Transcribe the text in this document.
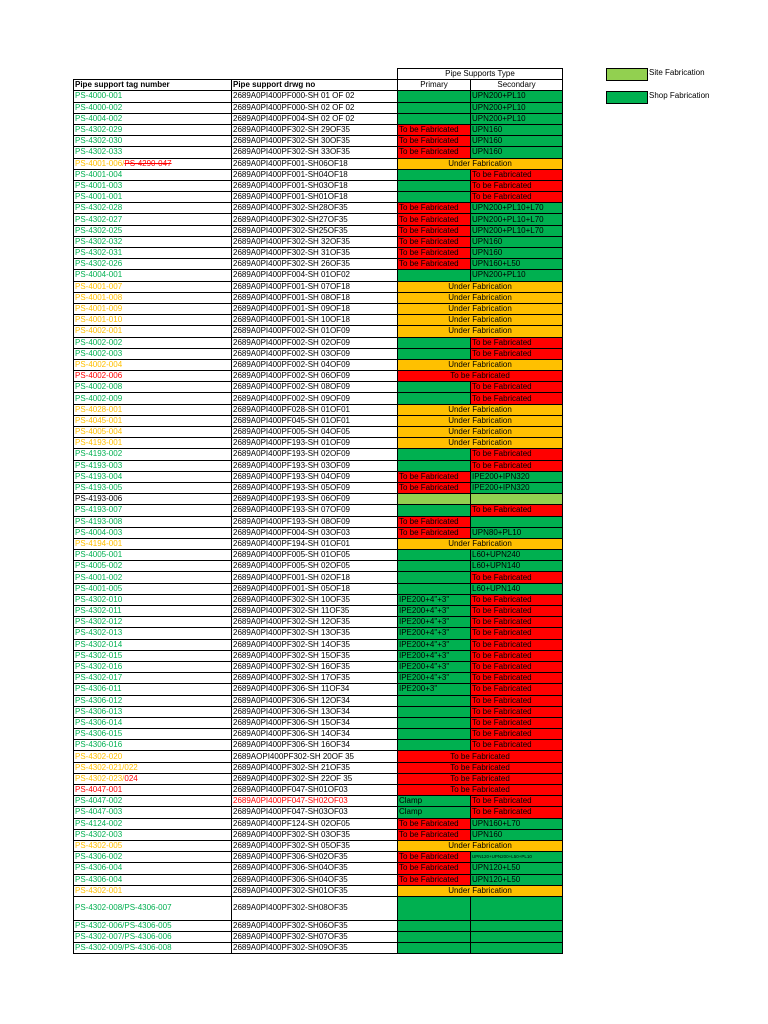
Site Fabrication
Shop Fabrication
		Pipe Supports Type	
Pipe support tag number	Pipe support drwg no	Primary	Secondary
PS-4000-001	2689A0PI400PF000-SH 01 OF 02		UPN200+PL10
PS-4000-002	2689A0PI400PF000-SH 02 OF 02		UPN200+PL10
PS-4004-002	2689A0PI400PF004-SH 02 OF 02		UPN200+PL10
PS-4302-029	2689A0PI400PF302-SH 29OF35	To be Fabricated	UPN160
PS-4302-030	2689A0PI400PF302-SH 30OF35	To be Fabricated	UPN160
PS-4302-033	2689A0PI400PF302-SH 33OF35	To be Fabricated	UPN160
PS-4001-006/PS-4290-047	2689A0PI400PF001-SH06OF18	Under Fabrication	
PS-4001-004	2689A0PI400PF001-SH04OF18		To be Fabricated
PS-4001-003	2689A0PI400PF001-SH03OF18		To be Fabricated
PS-4001-001	2689A0PI400PF001-SH01OF18		To be Fabricated
PS-4302-028	2689A0PI400PF302-SH28OF35	To be Fabricated	UPN200+PL10+L70
PS-4302-027	2689A0PI400PF302-SH27OF35	To be Fabricated	UPN200+PL10+L70
PS-4302-025	2689A0PI400PF302-SH25OF35	To be Fabricated	UPN200+PL10+L70
PS-4302-032	2689A0PI400PF302-SH 32OF35	To be Fabricated	UPN160
PS-4302-031	2689A0PI400PF302-SH 31OF35	To be Fabricated	UPN160
PS-4302-026	2689A0PI400PF302-SH 26OF35	To be Fabricated	UPN160+L50
PS-4004-001	2689A0PI400PF004-SH 01OF02		UPN200+PL10
PS-4001-007	2689A0PI400PF001-SH 07OF18	Under Fabrication	
PS-4001-008	2689A0PI400PF001-SH 08OF18	Under Fabrication	
PS-4001-009	2689A0PI400PF001-SH 09OF18	Under Fabrication	
PS-4001-010	2689A0PI400PF001-SH 10OF18	Under Fabrication	
PS-4002-001	2689A0PI400PF002-SH 01OF09	Under Fabrication	
PS-4002-002	2689A0PI400PF002-SH 02OF09		To be Fabricated
PS-4002-003	2689A0PI400PF002-SH 03OF09		To be Fabricated
PS-4002-004	2689A0PI400PF002-SH 04OF09	Under Fabrication	
PS-4002-006	2689A0PI400PF002-SH 06OF09	To be Fabricated	
PS-4002-008	2689A0PI400PF002-SH 08OF09		To be Fabricated
PS-4002-009	2689A0PI400PF002-SH 09OF09		To be Fabricated
PS-4028-001	2689A0PI400PF028-SH 01OF01	Under Fabrication	
PS-4045-001	2689A0PI400PF045-SH 01OF01	Under Fabrication	
PS-4005-004	2689A0PI400PF005-SH 04OF05	Under Fabrication	
PS-4193-001	2689A0PI400PF193-SH 01OF09	Under Fabrication	
PS-4193-002	2689A0PI400PF193-SH 02OF09		To be Fabricated
PS-4193-003	2689A0PI400PF193-SH 03OF09		To be Fabricated
PS-4193-004	2689A0PI400PF193-SH 04OF09	To be Fabricated	IPE200+IPN320
PS-4193-005	2689A0PI400PF193-SH 05OF09	To be Fabricated	IPE200+IPN320
PS-4193-006	2689A0PI400PF193-SH 06OF09		
PS-4193-007	2689A0PI400PF193-SH 07OF09		To be Fabricated
PS-4193-008	2689A0PI400PF193-SH 08OF09	To be Fabricated	
PS-4004-003	2689A0PI400PF004-SH 03OF03	To be Fabricated	UPN80+PL10
PS-4194-001	2689A0PI400PF194-SH 01OF01	Under Fabrication	
PS-4005-001	2689A0PI400PF005-SH 01OF05		L60+UPN240
PS-4005-002	2689A0PI400PF005-SH 02OF05		L60+UPN140
PS-4001-002	2689A0PI400PF001-SH 02OF18		To be Fabricated
PS-4001-005	2689A0PI400PF001-SH 05OF18		L60+UPN140
PS-4302-010	2689A0PI400PF302-SH 10OF35	IPE200+4"+3"	To be Fabricated
PS-4302-011	2689A0PI400PF302-SH 11OF35	IPE200+4"+3"	To be Fabricated
PS-4302-012	2689A0PI400PF302-SH 12OF35	IPE200+4"+3"	To be Fabricated
PS-4302-013	2689A0PI400PF302-SH 13OF35	IPE200+4"+3"	To be Fabricated
PS-4302-014	2689A0PI400PF302-SH 14OF35	IPE200+4"+3"	To be Fabricated
PS-4302-015	2689A0PI400PF302-SH 15OF35	IPE200+4"+3"	To be Fabricated
PS-4302-016	2689A0PI400PF302-SH 16OF35	IPE200+4"+3"	To be Fabricated
PS-4302-017	2689A0PI400PF302-SH 17OF35	IPE200+4"+3"	To be Fabricated
PS-4306-011	2689A0PI400PF306-SH 11OF34	IPE200+3"	To be Fabricated
PS-4306-012	2689A0PI400PF306-SH 12OF34		To be Fabricated
PS-4306-013	2689A0PI400PF306-SH 13OF34		To be Fabricated
PS-4306-014	2689A0PI400PF306-SH 15OF34		To be Fabricated
PS-4306-015	2689A0PI400PF306-SH 14OF34		To be Fabricated
PS-4306-016	2689A0PI400PF306-SH 16OF34		To be Fabricated
PS-4302-020	2689AOPI400PF302-SH 20OF 35	To be Fabricated	
PS-4302-021/022	2689A0PI400PF302-SH 21OF35	To be Fabricated	
PS-4302-023/024	2689A0PI400PF302-SH 22OF 35	To be Fabricated	
PS-4047-001	2689A0PI400PF047-SH01OF03	To be Fabricated	
PS-4047-002	2689A0PI400PF047-SH02OF03	Clamp	To be Fabricated
PS-4047-003	2689A0PI400PF047-SH03OF03	Clamp	To be Fabricated
PS-4124-002	2689A0PI400PF124-SH 02OF05	To be Fabricated	UPN160+L70
PS-4302-003	2689A0PI400PF302-SH 03OF35	To be Fabricated	UPN160
PS-4302-005	2689A0PI400PF302-SH 05OF35	Under Fabrication	
PS-4306-002	2689A0PI400PF306-SH02OF35	To be Fabricated	UPN120+UPN200+L50+PL10
PS-4306-004	2689A0PI400PF306-SH04OF35	To be Fabricated	UPN120+L50
PS-4306-004	2689A0PI400PF306-SH04OF35	To be Fabricated	UPN120+L50
PS-4302-001	2689A0PI400PF302-SH01OF35	Under Fabrication	
PS-4302-008/PS-4306-007	2689A0PI400PF302-SH08OF35		
PS-4302-006/PS-4306-005	2689A0PI400PF302-SH06OF35		
PS-4302-007/PS-4306-006	2689A0PI400PF302-SH07OF35		
PS-4302-009/PS-4306-008	2689A0PI400PF302-SH09OF35		
